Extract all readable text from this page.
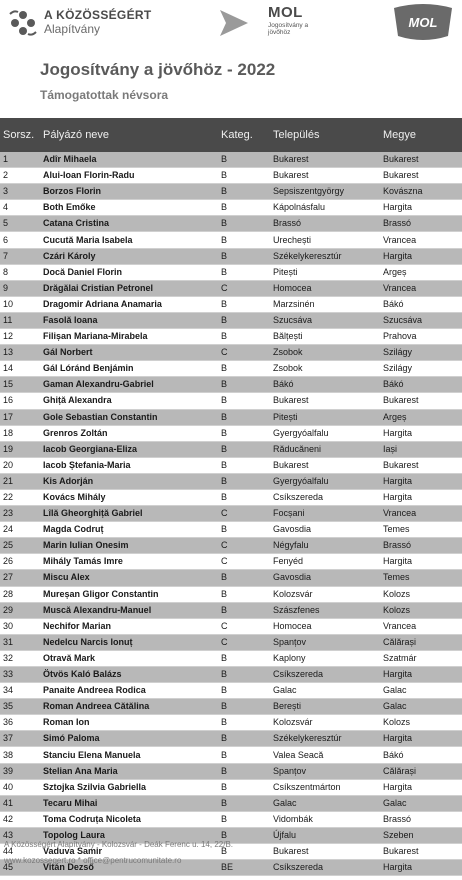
A KÖZÖSSÉGÉRT
Alapítvány
MOL
Jogosítvány a jövőhöz
MOL
Jogosítvány a jövőhöz - 2022
Támogatottak névsora
Sorsz.	Pályázó neve	Kateg.	Település	Megye
1	Adîr Mihaela	B	Bukarest	Bukarest
2	Alui-Ioan Florin-Radu	B	Bukarest	Bukarest
3	Borzos Florin	B	Sepsiszentgyörgy	Kovászna
4	Both Emőke	B	Kápolnásfalu	Hargita
5	Catana Cristina	B	Brassó	Brassó
6	Cucută Maria Isabela	B	Urechești	Vrancea
7	Czári Károly	B	Székelykeresztúr	Hargita
8	Docă Daniel Florin	B	Pitești	Argeș
9	Drăgălai Cristian Petronel	C	Homocea	Vrancea
10	Dragomir Adriana Anamaria	B	Marzsinén	Bákó
11	Fasolă Ioana	B	Szucsáva	Szucsáva
12	Filișan Mariana-Mirabela	B	Bălțești	Prahova
13	Gál Norbert	C	Zsobok	Szilágy
14	Gál Lóránd Benjámin	B	Zsobok	Szilágy
15	Gaman Alexandru-Gabriel	B	Bákó	Bákó
16	Ghiță Alexandra	B	Bukarest	Bukarest
17	Gole Sebastian Constantin	B	Pitești	Argeș
18	Grenros Zoltán	B	Gyergyóalfalu	Hargita
19	Iacob Georgiana-Eliza	B	Răducăneni	Iași
20	Iacob Ștefania-Maria	B	Bukarest	Bukarest
21	Kis Adorján	B	Gyergyóalfalu	Hargita
22	Kovács Mihály	B	Csíkszereda	Hargita
23	Lîlă Gheorghiță Gabriel	C	Focșani	Vrancea
24	Magda Codruț	B	Gavosdia	Temes
25	Marin Iulian Onesim	C	Négyfalu	Brassó
26	Mihály Tamás Imre	C	Fenyéd	Hargita
27	Miscu Alex	B	Gavosdia	Temes
28	Mureșan Gligor Constantin	B	Kolozsvár	Kolozs
29	Muscă Alexandru-Manuel	B	Szászfenes	Kolozs
30	Nechifor Marian	C	Homocea	Vrancea
31	Nedelcu Narcis Ionuț	C	Spanțov	Călărași
32	Otravă Mark	B	Kaplony	Szatmár
33	Ötvös Kaló Balázs	B	Csíkszereda	Hargita
34	Panaite Andreea Rodica	B	Galac	Galac
35	Roman Andreea Cătălina	B	Berești	Galac
36	Roman Ion	B	Kolozsvár	Kolozs
37	Simó Paloma	B	Székelykeresztúr	Hargita
38	Stanciu Elena Manuela	B	Valea Seacă	Bákó
39	Stelian Ana Maria	B	Spanțov	Călărași
40	Sztojka Szilvia Gabriella	B	Csíkszentmárton	Hargita
41	Tecaru Mihai	B	Galac	Galac
42	Toma Codruța Nicoleta	B	Vidombák	Brassó
43	Topolog Laura	B	Újfalu	Szeben
44	Vaduva Samir	B	Bukarest	Bukarest
45	Vitán Dezső	BE	Csíkszereda	Hargita
A Közösségért Alapítvány - Kolozsvár - Deák Ferenc u. 14, 22/B.
www.kozossegert.ro * office@pentrucomunitate.ro
